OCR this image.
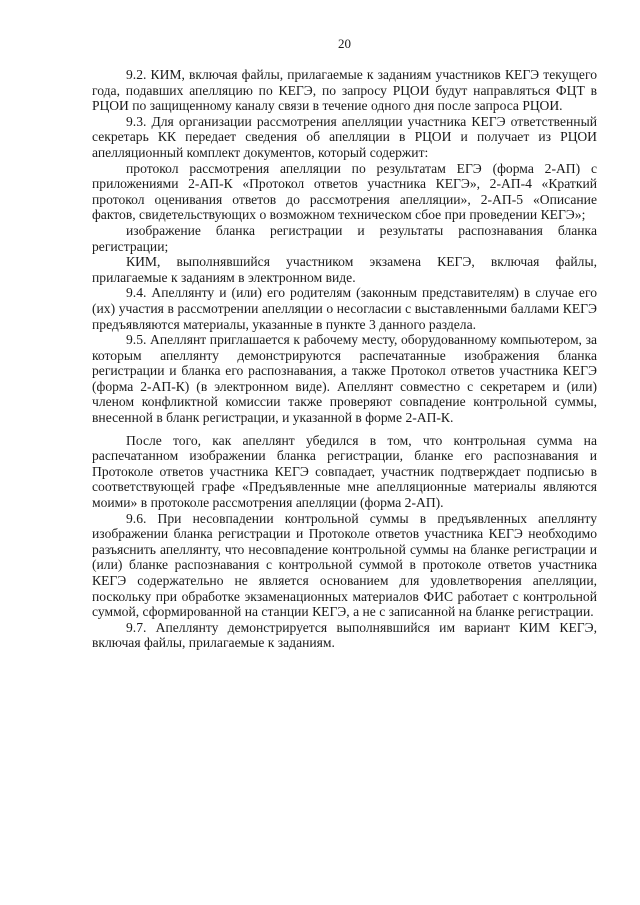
20

9.2. КИМ, включая файлы, прилагаемые к заданиям участников КЕГЭ текущего года, подавших апелляцию по КЕГЭ, по запросу РЦОИ будут направляться ФЦТ в РЦОИ по защищенному каналу связи в течение одного дня после запроса РЦОИ.

9.3. Для организации рассмотрения апелляции участника КЕГЭ ответственный секретарь КК передает сведения об апелляции в РЦОИ и получает из РЦОИ апелляционный комплект документов, который содержит:

протокол рассмотрения апелляции по результатам ЕГЭ (форма 2-АП) с приложениями 2-АП-К «Протокол ответов участника КЕГЭ», 2-АП-4 «Краткий протокол оценивания ответов до рассмотрения апелляции», 2-АП-5 «Описание фактов, свидетельствующих о возможном техническом сбое при проведении КЕГЭ»;

изображение бланка регистрации и результаты распознавания бланка регистрации;

КИМ, выполнявшийся участником экзамена КЕГЭ, включая файлы, прилагаемые к заданиям в электронном виде.

9.4. Апеллянту и (или) его родителям (законным представителям) в случае его (их) участия в рассмотрении апелляции о несогласии с выставленными баллами КЕГЭ предъявляются материалы, указанные в пункте 3 данного раздела.

9.5. Апеллянт приглашается к рабочему месту, оборудованному компьютером, за которым апеллянту демонстрируются распечатанные изображения бланка регистрации и бланка его распознавания, а также Протокол ответов участника КЕГЭ (форма 2-АП-К) (в электронном виде). Апеллянт совместно с секретарем и (или) членом конфликтной комиссии также проверяют совпадение контрольной суммы, внесенной в бланк регистрации, и указанной в форме 2-АП-К.

После того, как апеллянт убедился в том, что контрольная сумма на распечатанном изображении бланка регистрации, бланке его распознавания и Протоколе ответов участника КЕГЭ совпадает, участник подтверждает подписью в соответствующей графе «Предъявленные мне апелляционные материалы являются моими» в протоколе рассмотрения апелляции (форма 2-АП).

9.6. При несовпадении контрольной суммы в предъявленных апеллянту изображении бланка регистрации и Протоколе ответов участника КЕГЭ необходимо разъяснить апеллянту, что несовпадение контрольной суммы на бланке регистрации и (или) бланке распознавания с контрольной суммой в протоколе ответов участника КЕГЭ содержательно не является основанием для удовлетворения апелляции, поскольку при обработке экзаменационных материалов ФИС работает с контрольной суммой, сформированной на станции КЕГЭ, а не с записанной на бланке регистрации.

9.7. Апеллянту демонстрируется выполнявшийся им вариант КИМ КЕГЭ, включая файлы, прилагаемые к заданиям.
